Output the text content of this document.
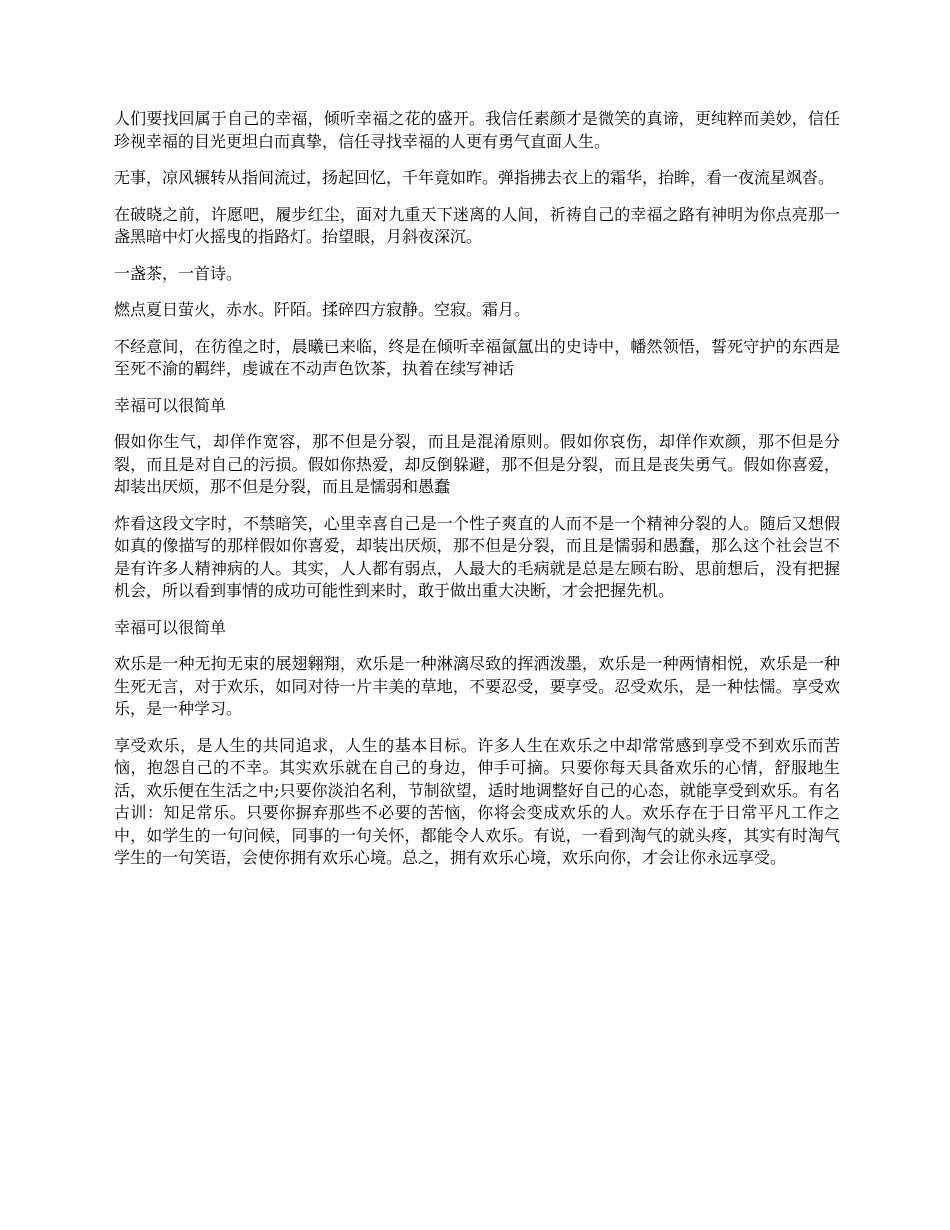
人们要找回属于自己的幸福，倾听幸福之花的盛开。我信任素颜才是微笑的真谛，更纯粹而美妙，信任珍视幸福的目光更坦白而真挚，信任寻找幸福的人更有勇气直面人生。

无事，凉风辗转从指间流过，扬起回忆，千年竟如昨。弹指拂去衣上的霜华，抬眸，看一夜流星飒沓。

在破晓之前，许愿吧，履步红尘，面对九重天下迷离的人间，祈祷自己的幸福之路有神明为你点亮那一盏黑暗中灯火摇曳的指路灯。抬望眼，月斜夜深沉。

一盏茶，一首诗。

燃点夏日萤火，赤水。阡陌。揉碎四方寂静。空寂。霜月。

不经意间，在彷徨之时，晨曦已来临，终是在倾听幸福氤氲出的史诗中，幡然领悟，誓死守护的东西是至死不渝的羁绊，虔诚在不动声色饮茶，执着在续写神话

幸福可以很简单

假如你生气，却佯作宽容，那不但是分裂，而且是混淆原则。假如你哀伤，却佯作欢颜，那不但是分裂，而且是对自己的污损。假如你热爱，却反倒躲避，那不但是分裂，而且是丧失勇气。假如你喜爱，却装出厌烦，那不但是分裂，而且是懦弱和愚蠢

炸看这段文字时，不禁暗笑，心里幸喜自己是一个性子爽直的人而不是一个精神分裂的人。随后又想假如真的像描写的那样假如你喜爱，却装出厌烦，那不但是分裂，而且是懦弱和愚蠢，那么这个社会岂不是有许多人精神病的人。其实，人人都有弱点，人最大的毛病就是总是左顾右盼、思前想后，没有把握机会，所以看到事情的成功可能性到来时，敢于做出重大决断，才会把握先机。

幸福可以很简单

欢乐是一种无拘无束的展翅翱翔，欢乐是一种淋漓尽致的挥洒泼墨，欢乐是一种两情相悦，欢乐是一种生死无言，对于欢乐，如同对待一片丰美的草地，不要忍受，要享受。忍受欢乐，是一种怯懦。享受欢乐，是一种学习。

享受欢乐，是人生的共同追求，人生的基本目标。许多人生在欢乐之中却常常感到享受不到欢乐而苦恼，抱怨自己的不幸。其实欢乐就在自己的身边，伸手可摘。只要你每天具备欢乐的心情，舒服地生活，欢乐便在生活之中;只要你淡泊名利，节制欲望，适时地调整好自己的心态，就能享受到欢乐。有名古训：知足常乐。只要你摒弃那些不必要的苦恼，你将会变成欢乐的人。欢乐存在于日常平凡工作之中，如学生的一句问候，同事的一句关怀，都能令人欢乐。有说，一看到淘气的就头疼，其实有时淘气学生的一句笑语，会使你拥有欢乐心境。总之，拥有欢乐心境，欢乐向你，才会让你永远享受。
